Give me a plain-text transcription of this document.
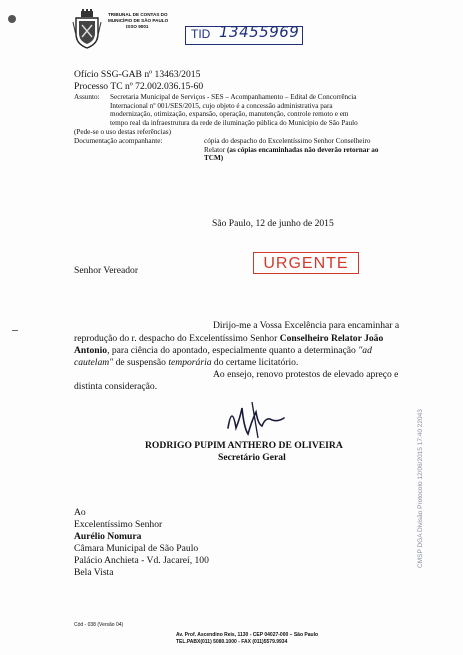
TRIBUNAL DE CONTAS DO
MUNICÍPIO DE SÃO PAULO
ISSO 9001
TID 13455969
Ofício SSG-GAB nº 13463/2015
Processo TC nº 72.002.036.15-60
Assunto: Secretaria Municipal de Serviços - SES – Acompanhamento – Edital de Concorrência
Internacional nº 001/SES/2015, cujo objeto é a concessão administrativa para
modernização, otimização, expansão, operação, manutenção, controle remoto e em
tempo real da infraestrutura da rede de iluminação pública do Município de São Paulo
(Pede-se o uso destas referências)
Documentação acompanhante:	cópia do despacho do Excelentíssimo Senhor Conselheiro
Relator (as cópias encaminhadas não deverão retornar ao
TCM)
São Paulo, 12 de junho de 2015
URGENTE
Senhor Vereador
Dirijo-me a Vossa Excelência para encaminhar a
reprodução do r. despacho do Excelentíssimo Senhor Conselheiro Relator João
Antonio, para ciência do apontado, especialmente quanto a determinação "ad
cautelam" de suspensão temporária do certame licitatório.
Ao ensejo, renovo protestos de elevado apreço e
distinta consideração.
RODRIGO PUPIM ANTHERO DE OLIVEIRA
Secretário Geral	CMSP DGA Divisão Protocolo 12/06/2015 17:40 22043
Ao
Excelentíssimo Senhor
Aurélio Nomura
Câmara Municipal de São Paulo
Palácio Anchieta - Vd. Jacareí, 100
Bela Vista
Cód - 038 (Versão 04)
Av. Prof. Ascendino Reis, 1130 - CEP 04027-000 – São Paulo
TEL.PABX(011) 5080.1000 - FAX (011)5579.9934
